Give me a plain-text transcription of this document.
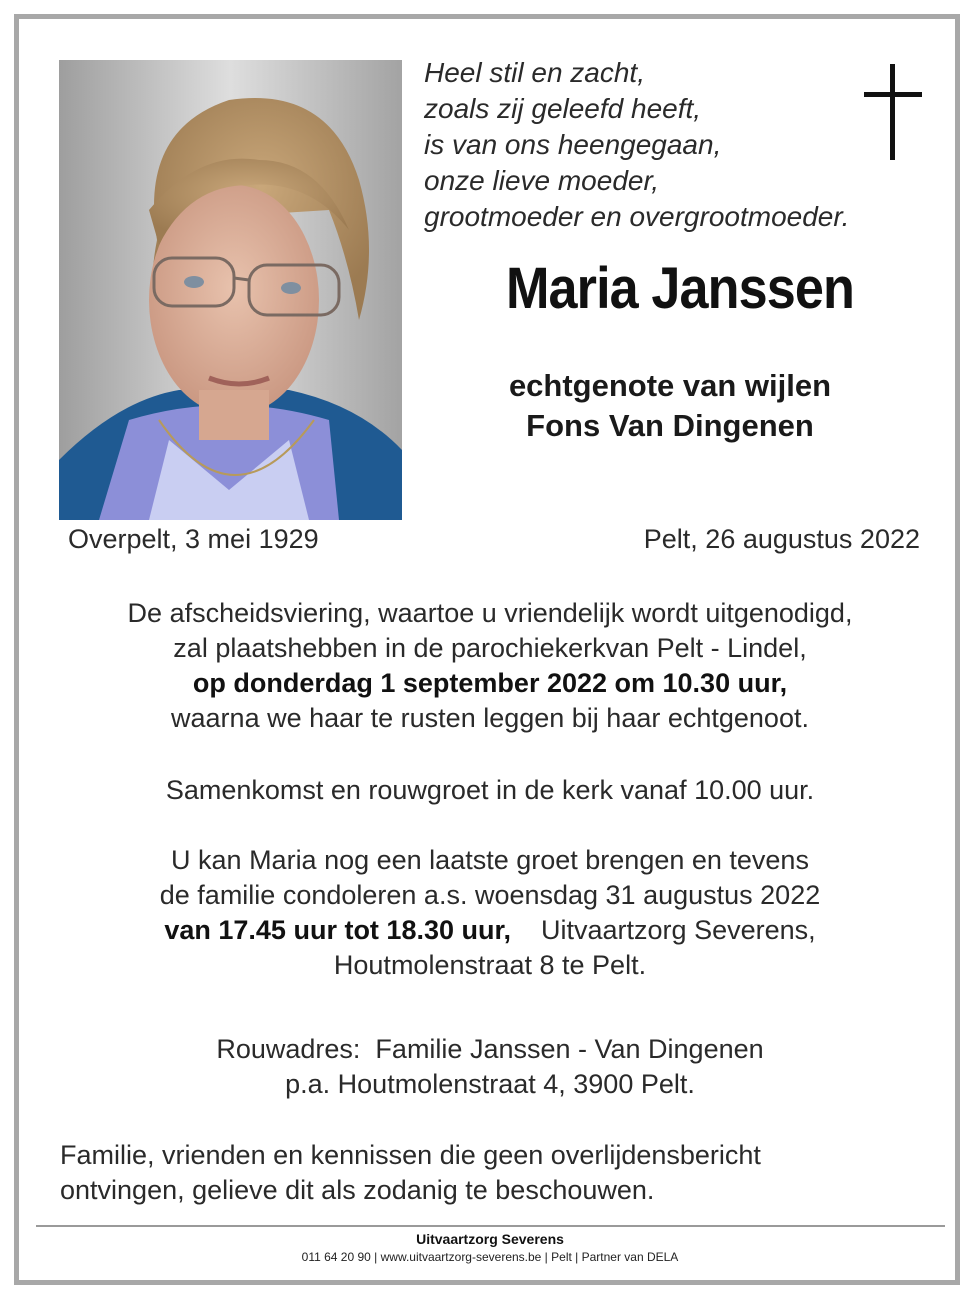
Heel stil en zacht,
zoals zij geleefd heeft,
is van ons heengegaan,
onze lieve moeder,
grootmoeder en overgrootmoeder.
Maria Janssen
echtgenote van wijlen
Fons Van Dingenen
Overpelt, 3 mei 1929	Pelt, 26 augustus 2022
De afscheidsviering, waartoe u vriendelijk wordt uitgenodigd,
zal plaatshebben in de parochiekerkvan Pelt - Lindel,
op donderdag 1 september 2022 om 10.30 uur,
waarna we haar te rusten leggen bij haar echtgenoot.
Samenkomst en rouwgroet in de kerk vanaf 10.00 uur.
U kan Maria nog een laatste groet brengen en tevens
de familie condoleren a.s. woensdag 31 augustus 2022
van 17.45 uur tot 18.30 uur, Uitvaartzorg Severens,
Houtmolenstraat 8 te Pelt.
Rouwadres:  Familie Janssen - Van Dingenen
p.a. Houtmolenstraat 4, 3900 Pelt.
Familie, vrienden en kennissen die geen overlijdensbericht
ontvingen, gelieve dit als zodanig te beschouwen.
Uitvaartzorg Severens
011 64 20 90 | www.uitvaartzorg-severens.be | Pelt | Partner van DELA
